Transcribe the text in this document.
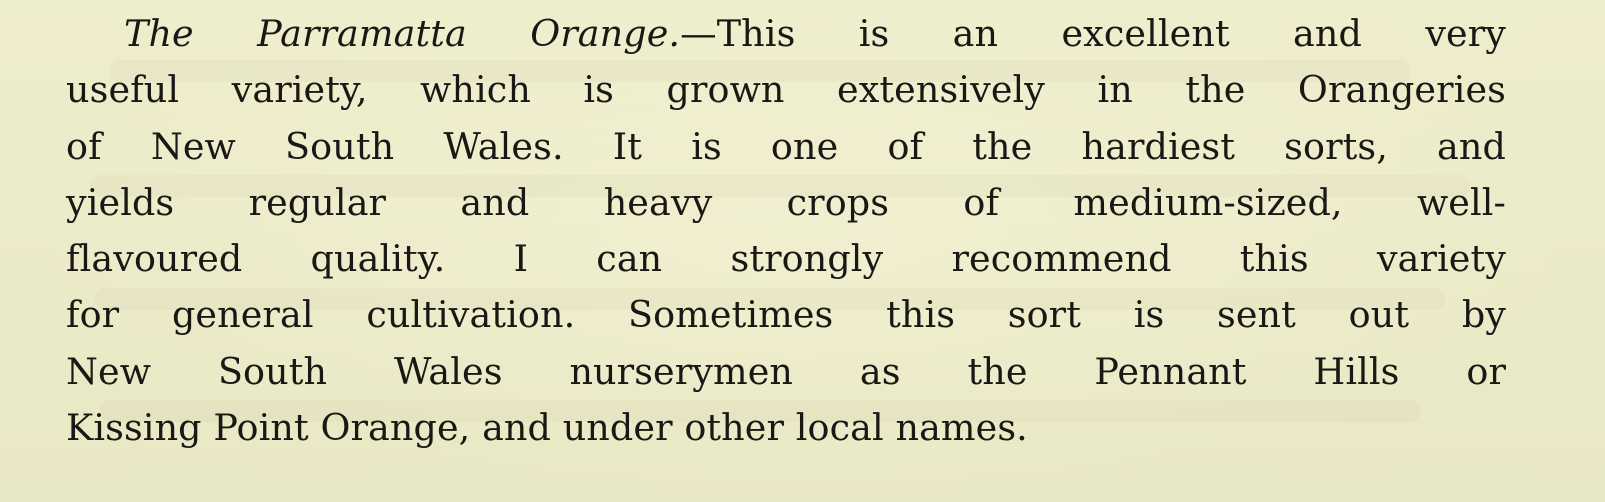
The Parramatta Orange.—This is an excellent and very
useful variety, which is grown extensively in the Orangeries
of New South Wales. It is one of the hardiest sorts, and
yields regular and heavy crops of medium-sized, well-
flavoured quality. I can strongly recommend this variety
for general cultivation. Sometimes this sort is sent out by
New South Wales nurserymen as the Pennant Hills or
Kissing Point Orange, and under other local names.
